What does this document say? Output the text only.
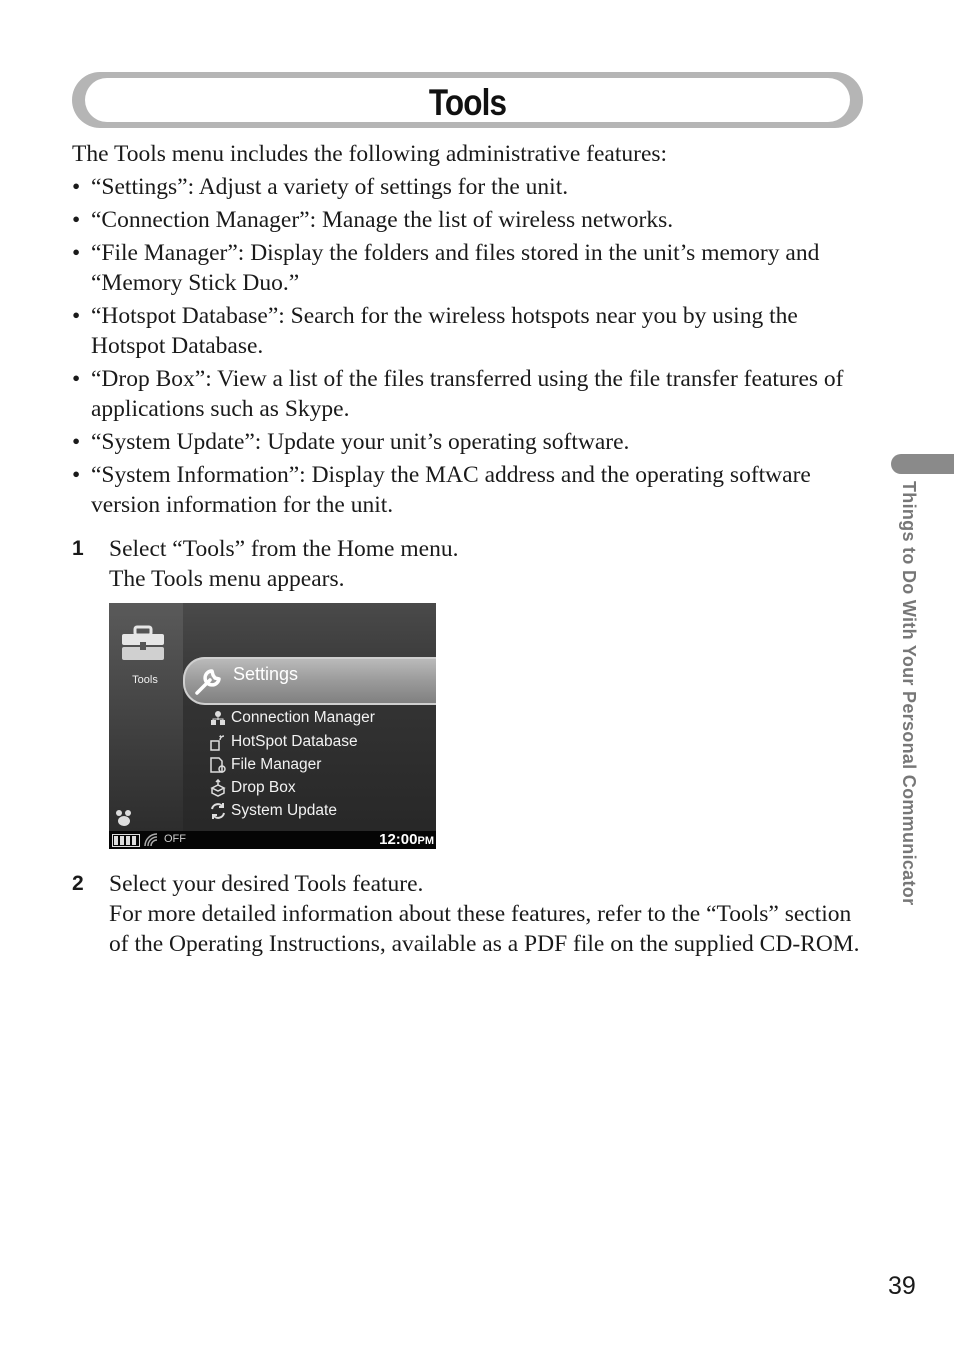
Tools

The Tools menu includes the following administrative features:

• “Settings”: Adjust a variety of settings for the unit.
• “Connection Manager”: Manage the list of wireless networks.
• “File Manager”: Display the folders and files stored in the unit’s memory and “Memory Stick Duo.”
• “Hotspot Database”: Search for the wireless hotspots near you by using the Hotspot Database.
• “Drop Box”: View a list of the files transferred using the file transfer features of applications such as Skype.
• “System Update”: Update your unit’s operating software.
• “System Information”: Display the MAC address and the operating software version information for the unit.
1 Select “Tools” from the Home menu.

The Tools menu appears.

Tools	Settings
Connection Manager
HotSpot Database
File Manager
Drop Box
System Update
OFF	12:00PM
2 Select your desired Tools feature.

For more detailed information about these features, refer to the “Tools” section of the Operating Instructions, available as a PDF file on the supplied CD-ROM.

Things to Do With Your Personal Communicator
39
